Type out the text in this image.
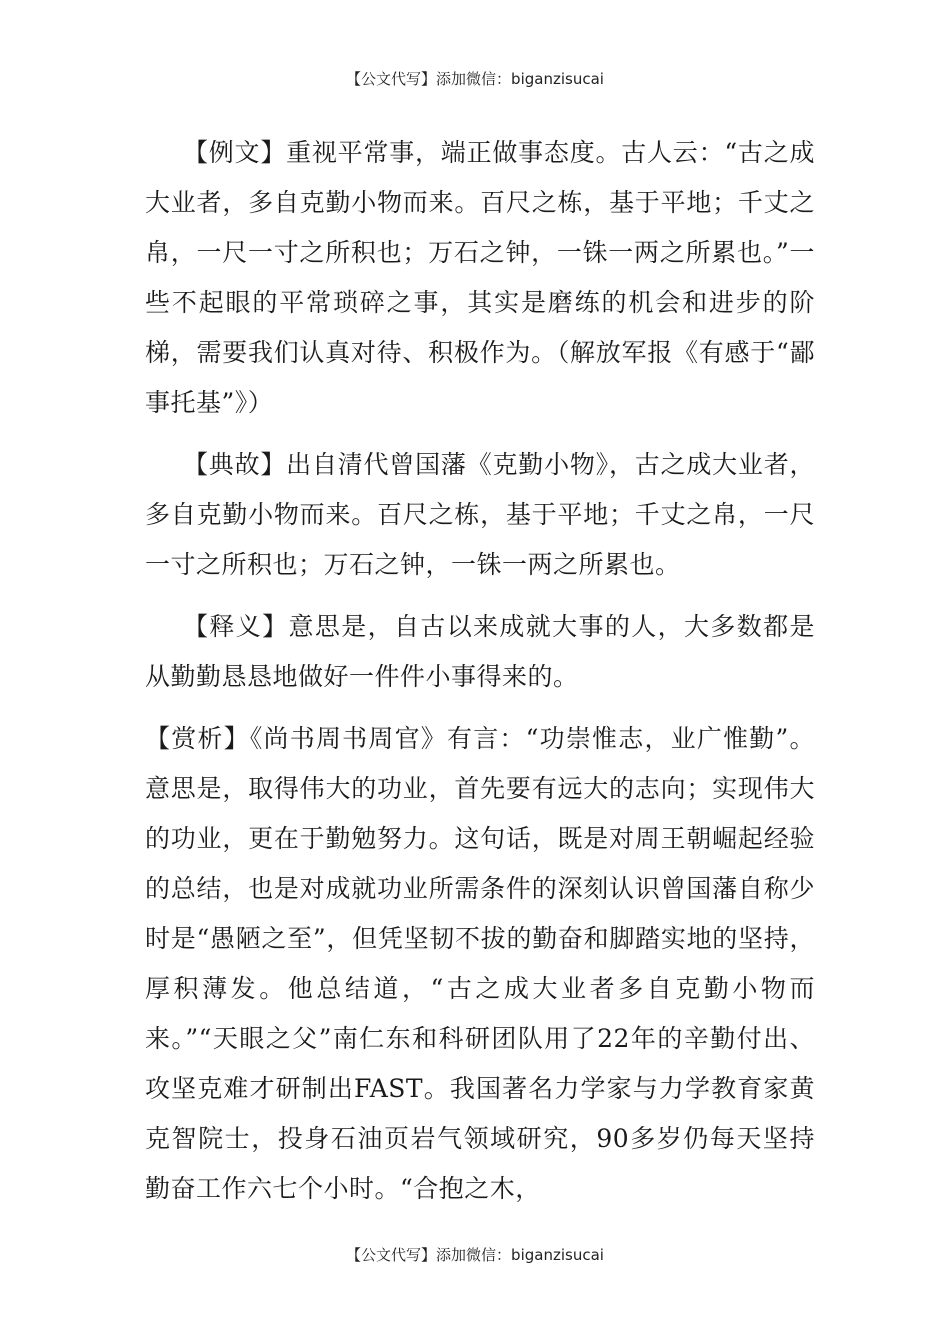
【公文代写】添加微信：biganzisucai

【例文】重视平常事，端正做事态度。古人云：“古之成大业者，多自克勤小物而来。百尺之栋，基于平地；千丈之帛，一尺一寸之所积也；万石之钟，一铢一两之所累也。”一些不起眼的平常琐碎之事，其实是磨练的机会和进步的阶梯，需要我们认真对待、积极作为。（解放军报《有感于“鄙事托基”》）

【典故】出自清代曾国藩《克勤小物》，古之成大业者，多自克勤小物而来。百尺之栋，基于平地；千丈之帛，一尺一寸之所积也；万石之钟，一铢一两之所累也。

【释义】意思是，自古以来成就大事的人，大多数都是从勤勤恳恳地做好一件件小事得来的。

【赏析】《尚书周书周官》有言：“功崇惟志，业广惟勤”。意思是，取得伟大的功业，首先要有远大的志向；实现伟大的功业，更在于勤勉努力。这句话，既是对周王朝崛起经验的总结，也是对成就功业所需条件的深刻认识曾国藩自称少时是“愚陋之至”，但凭坚韧不拔的勤奋和脚踏实地的坚持，厚积薄发。他总结道，“古之成大业者多自克勤小物而来。”“天眼之父”南仁东和科研团队用了22年的辛勤付出、攻坚克难才研制出FAST。我国著名力学家与力学教育家黄克智院士，投身石油页岩气领域研究，90多岁仍每天坚持勤奋工作六七个小时。“合抱之木，

【公文代写】添加微信：biganzisucai
